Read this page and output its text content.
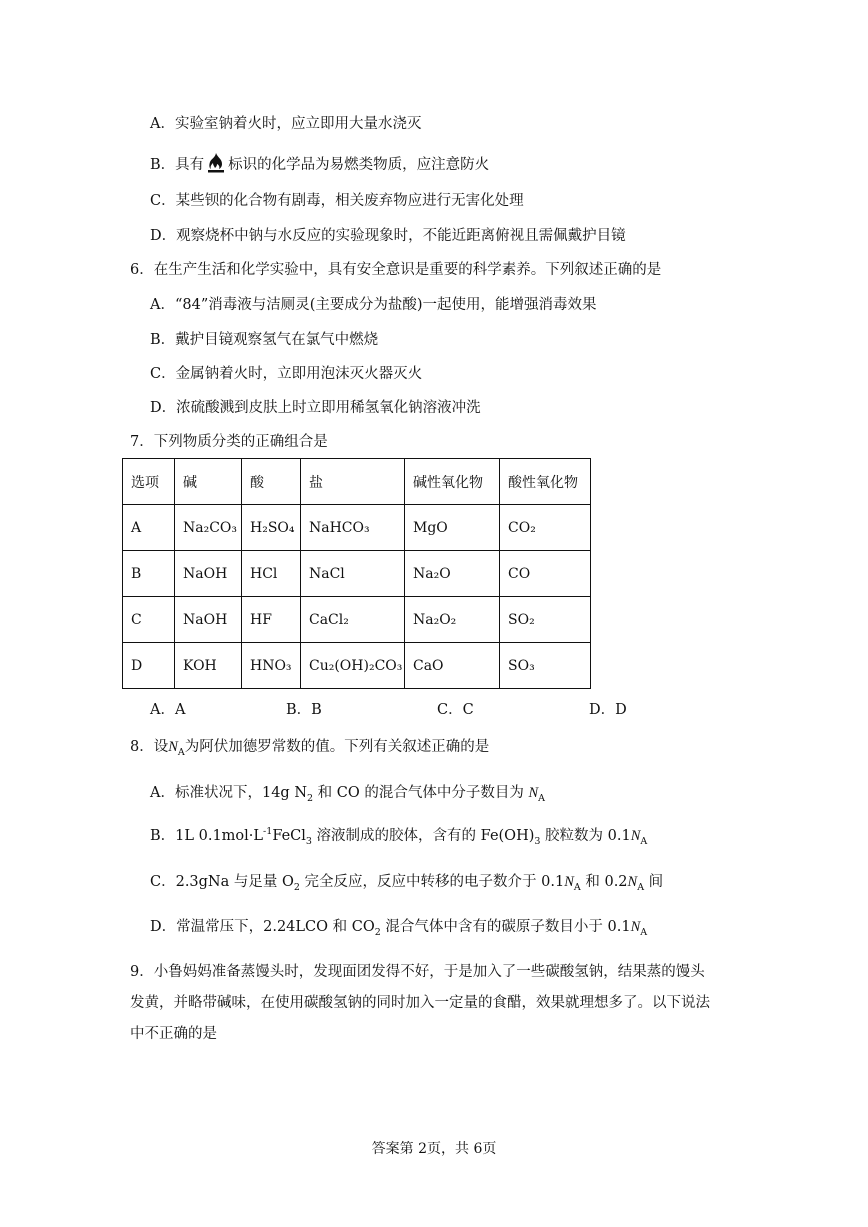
A．实验室钠着火时，应立即用大量水浇灭
B．具有 标识的化学品为易燃类物质，应注意防火
C．某些钡的化合物有剧毒，相关废弃物应进行无害化处理
D．观察烧杯中钠与水反应的实验现象时，不能近距离俯视且需佩戴护目镜
6．在生产生活和化学实验中，具有安全意识是重要的科学素养。下列叙述正确的是
A．“84”消毒液与洁厕灵(主要成分为盐酸)一起使用，能增强消毒效果
B．戴护目镜观察氢气在氯气中燃烧
C．金属钠着火时，立即用泡沫灭火器灭火
D．浓硫酸溅到皮肤上时立即用稀氢氧化钠溶液冲洗
7．下列物质分类的正确组合是
选项	碱	酸	盐	碱性氧化物	酸性氧化物
A	Na₂CO₃	H₂SO₄	NaHCO₃	MgO	CO₂
B	NaOH	HCl	NaCl	Na₂O	CO
C	NaOH	HF	CaCl₂	Na₂O₂	SO₂
D	KOH	HNO₃	Cu₂(OH)₂CO₃	CaO	SO₃
A．A	B．B	C．C	D．D
8．设$N_A$为阿伏加德罗常数的值。下列有关叙述正确的是
A．标准状况下，14g $N_2$ 和 CO 的混合气体中分子数目为 $N_A$
B．1L $0.1mol\cdot L^{-1}FeCl_3$ 溶液制成的胶体，含有的 $Fe(OH)_3$ 胶粒数为 $0.1N_A$
C．2.3gNa 与足量 $O_2$ 完全反应，反应中转移的电子数介于 $0.1N_A$ 和 $0.2N_A$ 间
D．常温常压下，2.24LCO 和 $CO_2$ 混合气体中含有的碳原子数目小于 $0.1N_A$
9．小鲁妈妈准备蒸馒头时，发现面团发得不好，于是加入了一些碳酸氢钠，结果蒸的馒头
发黄，并略带碱味，在使用碳酸氢钠的同时加入一定量的食醋，效果就理想多了。以下说法
中不正确的是
答案第 2页，共 6页
